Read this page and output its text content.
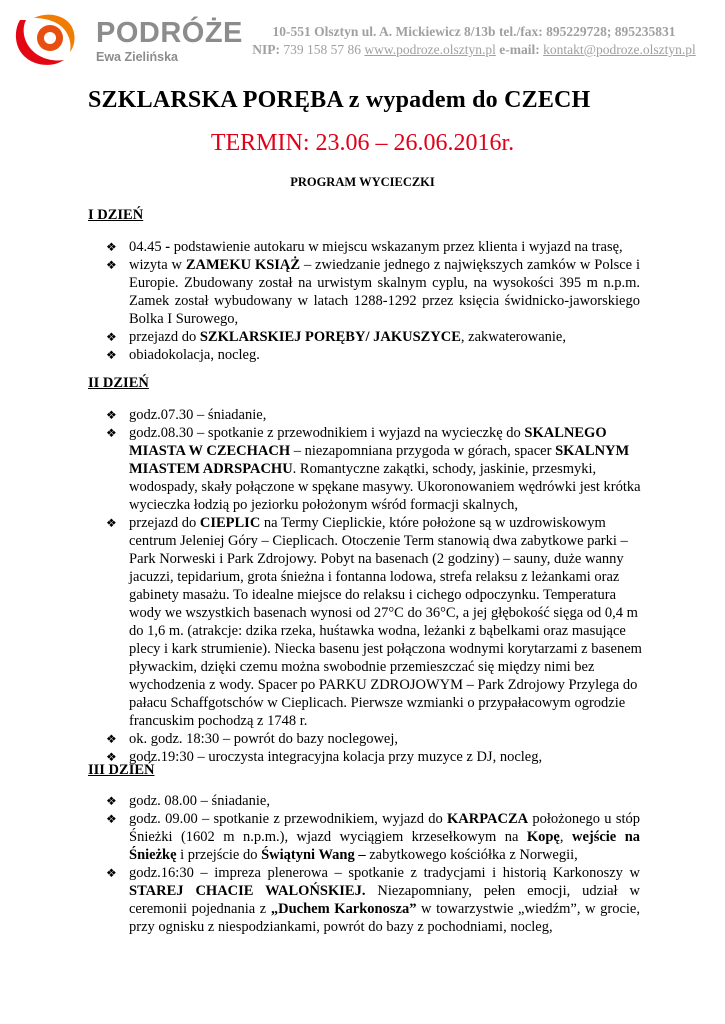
PODRÓŻE
Ewa Zielińska
10-551 Olsztyn ul. A. Mickiewicz 8/13b tel./fax: 895229728; 895235831
NIP: 739 158 57 86 www.podroze.olsztyn.pl e-mail: kontakt@podroze.olsztyn.pl
SZKLARSKA PORĘBA z wypadem do CZECH
TERMIN: 23.06 – 26.06.2016r.
PROGRAM WYCIECZKI
I DZIEŃ
❖ 04.45 - podstawienie autokaru w miejscu wskazanym przez klienta i wyjazd na trasę,
❖ wizyta w ZAMEKU KSIĄŻ – zwiedzanie jednego z największych zamków w Polsce i Europie. Zbudowany został na urwistym skalnym cyplu, na wysokości 395 m n.p.m. Zamek został wybudowany w latach 1288-1292 przez księcia świdnicko-jaworskiego Bolka I Surowego,
❖ przejazd do SZKLARSKIEJ PORĘBY/ JAKUSZYCE, zakwaterowanie,
❖ obiadokolacja, nocleg.
II DZIEŃ
❖ godz.07.30 – śniadanie,
❖ godz.08.30 – spotkanie z przewodnikiem i wyjazd na wycieczkę do SKALNEGO MIASTA W CZECHACH – niezapomniana przygoda w górach, spacer SKALNYM MIASTEM ADRSPACHU. Romantyczne zakątki, schody, jaskinie, przesmyki, wodospady, skały połączone w spękane masywy. Ukoronowaniem wędrówki jest krótka wycieczka łodzią po jeziorku położonym wśród formacji skalnych,
❖ przejazd do CIEPLIC na Termy Cieplickie, które położone są w uzdrowiskowym centrum Jeleniej Góry – Cieplicach. Otoczenie Term stanowią dwa zabytkowe parki – Park Norweski i Park Zdrojowy. Pobyt na basenach (2 godziny) – sauny, duże wanny jacuzzi, tepidarium, grota śnieżna i fontanna lodowa, strefa relaksu z leżankami oraz gabinety masażu. To idealne miejsce do relaksu i cichego odpoczynku. Temperatura wody we wszystkich basenach wynosi od 27°C do 36°C, a jej głębokość sięga od 0,4 m do 1,6 m. (atrakcje: dzika rzeka, huśtawka wodna, leżanki z bąbelkami oraz masujące plecy i kark strumienie). Niecka basenu jest połączona wodnymi korytarzami z basenem pływackim, dzięki czemu można swobodnie przemieszczać się między nimi bez wychodzenia z wody. Spacer po PARKU ZDROJOWYM – Park Zdrojowy Przylega do pałacu Schaffgotschów w Cieplicach. Pierwsze wzmianki o przypałacowym ogrodzie francuskim pochodzą z 1748 r.
❖ ok. godz. 18:30 – powrót do bazy noclegowej,
❖ godz.19:30 – uroczysta integracyjna kolacja przy muzyce z DJ, nocleg,
III DZIEŃ
❖ godz. 08.00 – śniadanie,
❖ godz. 09.00 – spotkanie z przewodnikiem, wyjazd do KARPACZA położonego u stóp Śnieżki (1602 m n.p.m.), wjazd wyciągiem krzesełkowym na Kopę, wejście na Śnieżkę i przejście do Świątyni Wang – zabytkowego kościółka z Norwegii,
❖ godz.16:30 – impreza plenerowa – spotkanie z tradycjami i historią Karkonoszy w STAREJ CHACIE WALOŃSKIEJ. Niezapomniany, pełen emocji, udział w ceremonii pojednania z „Duchem Karkonosza” w towarzystwie „wiedźm”, w grocie, przy ognisku z niespodziankami, powrót do bazy z pochodniami, nocleg,
